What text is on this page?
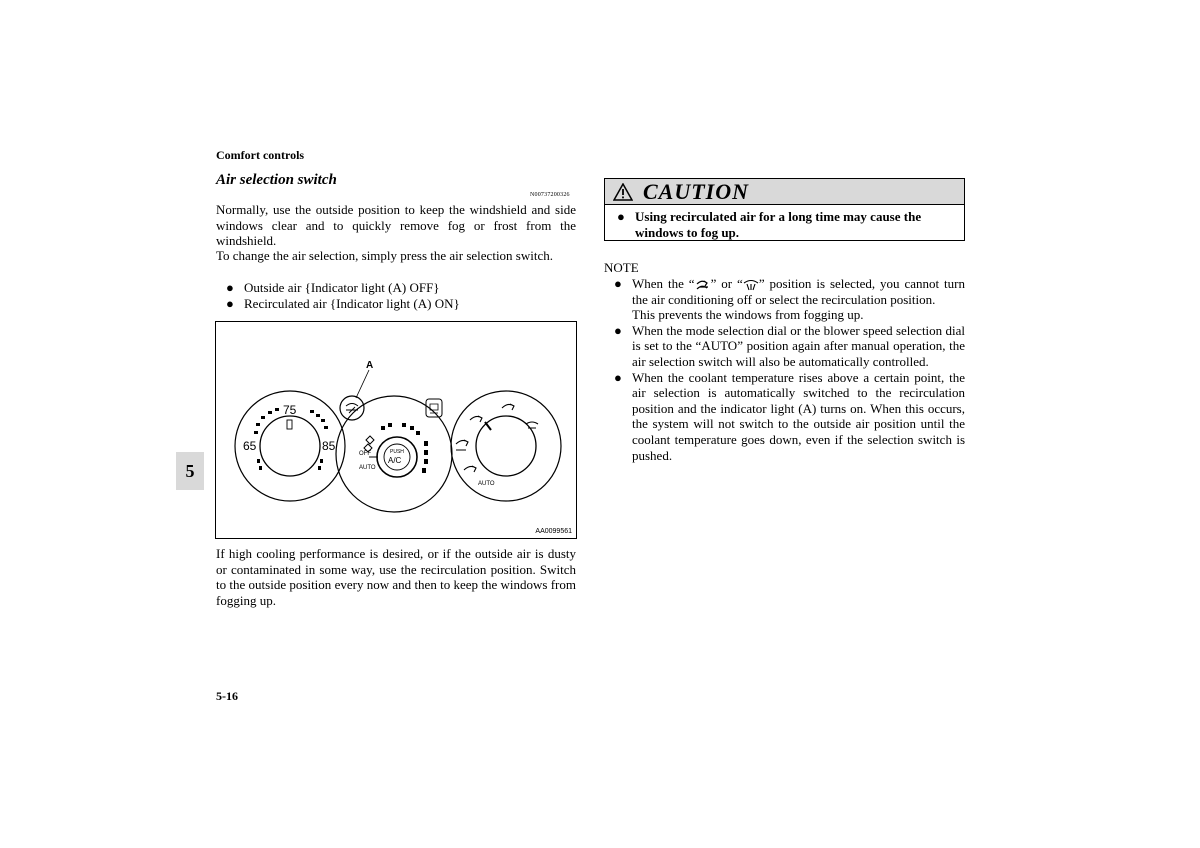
Comfort controls
Air selection switch
N00737200326
Normally, use the outside position to keep the windshield and side windows clear and to quickly remove fog or frost from the windshield.
To change the air selection, simply press the air selection switch.
● Outside air {Indicator light (A) OFF}
● Recirculated air {Indicator light (A) ON}
75
65	85
A
OFF
AUTO
PUSH
A/C
AUTO
AA0099561
If high cooling performance is desired, or if the outside air is dusty or contaminated in some way, use the recirculation position. Switch to the outside position every now and then to keep the windows from fogging up.
5
5-16
CAUTION
● Using recirculated air for a long time may cause the windows to fog up.
NOTE
● When the “ ” or “ ” position is selected, you cannot turn the air conditioning off or select the recirculation position.
This prevents the windows from fogging up.
● When the mode selection dial or the blower speed selection dial is set to the “AUTO” position again after manual operation, the air selection switch will also be automatically controlled.
● When the coolant temperature rises above a certain point, the air selection is automatically switched to the recirculation position and the indicator light (A) turns on. When this occurs, the system will not switch to the outside air position until the coolant temperature goes down, even if the selection switch is pushed.
